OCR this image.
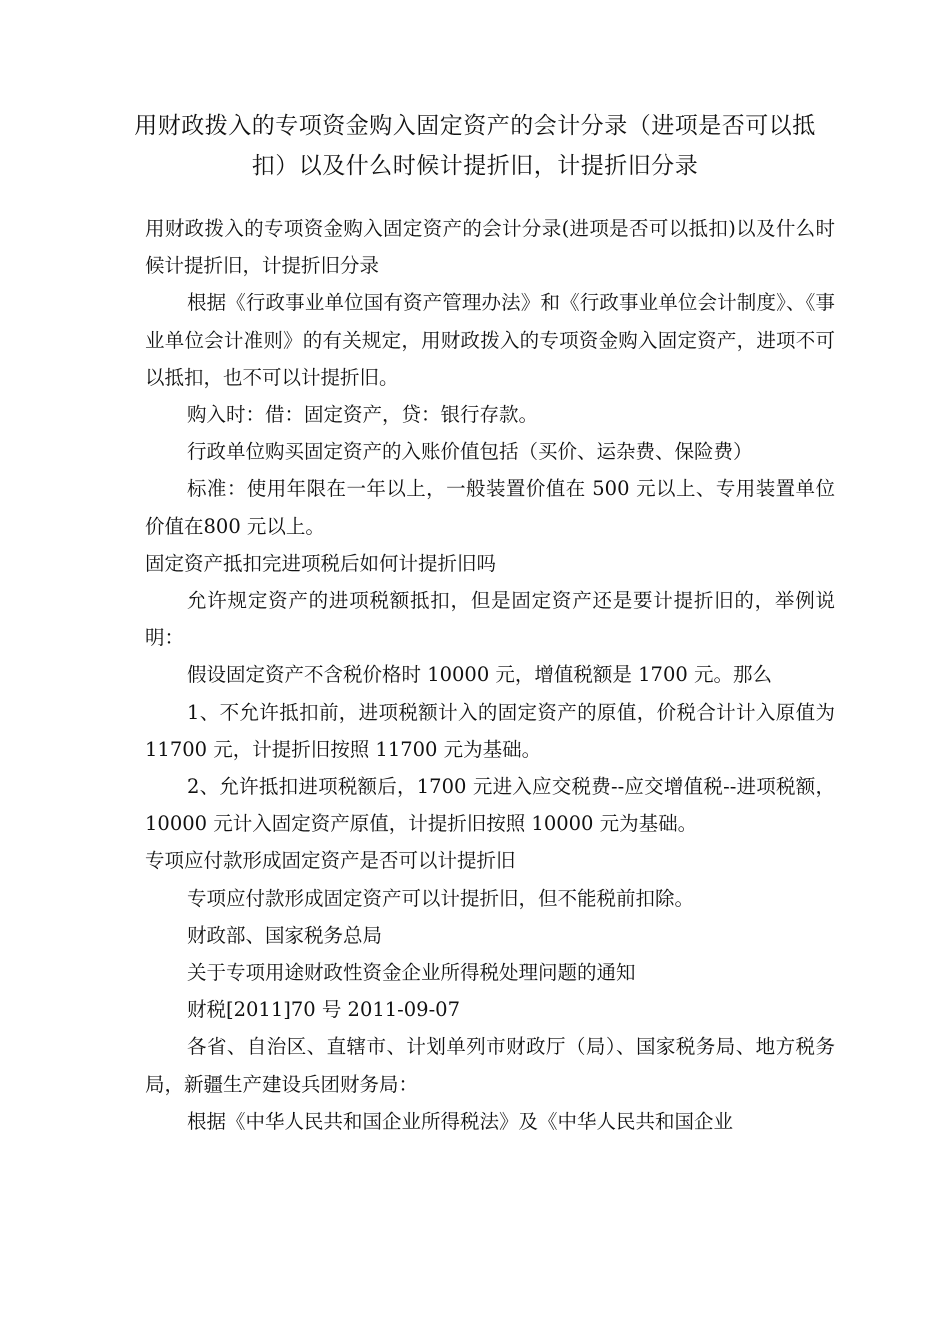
用财政拨入的专项资金购入固定资产的会计分录（进项是否可以抵扣）以及什么时候计提折旧，计提折旧分录

用财政拨入的专项资金购入固定资产的会计分录(进项是否可以抵扣)以及什么时候计提折旧，计提折旧分录

根据《行政事业单位国有资产管理办法》和《行政事业单位会计制度》、《事业单位会计准则》的有关规定，用财政拨入的专项资金购入固定资产，进项不可以抵扣，也不可以计提折旧。

购入时：借：固定资产，贷：银行存款。

行政单位购买固定资产的入账价值包括（买价、运杂费、保险费）

标准：使用年限在一年以上，一般装置价值在 500 元以上、专用装置单位价值在800 元以上。

固定资产抵扣完进项税后如何计提折旧吗

允许规定资产的进项税额抵扣，但是固定资产还是要计提折旧的，举例说明：

假设固定资产不含税价格时 10000 元，增值税额是 1700 元。那么

1、不允许抵扣前，进项税额计入的固定资产的原值，价税合计计入原值为 11700 元，计提折旧按照 11700 元为基础。

2、允许抵扣进项税额后，1700 元进入应交税费--应交增值税--进项税额，10000 元计入固定资产原值，计提折旧按照 10000 元为基础。

专项应付款形成固定资产是否可以计提折旧

专项应付款形成固定资产可以计提折旧，但不能税前扣除。

财政部、国家税务总局

关于专项用途财政性资金企业所得税处理问题的通知

财税[2011]70 号 2011-09-07

各省、自治区、直辖市、计划单列市财政厅（局）、国家税务局、地方税务局，新疆生产建设兵团财务局：

根据《中华人民共和国企业所得税法》及《中华人民共和国企业
